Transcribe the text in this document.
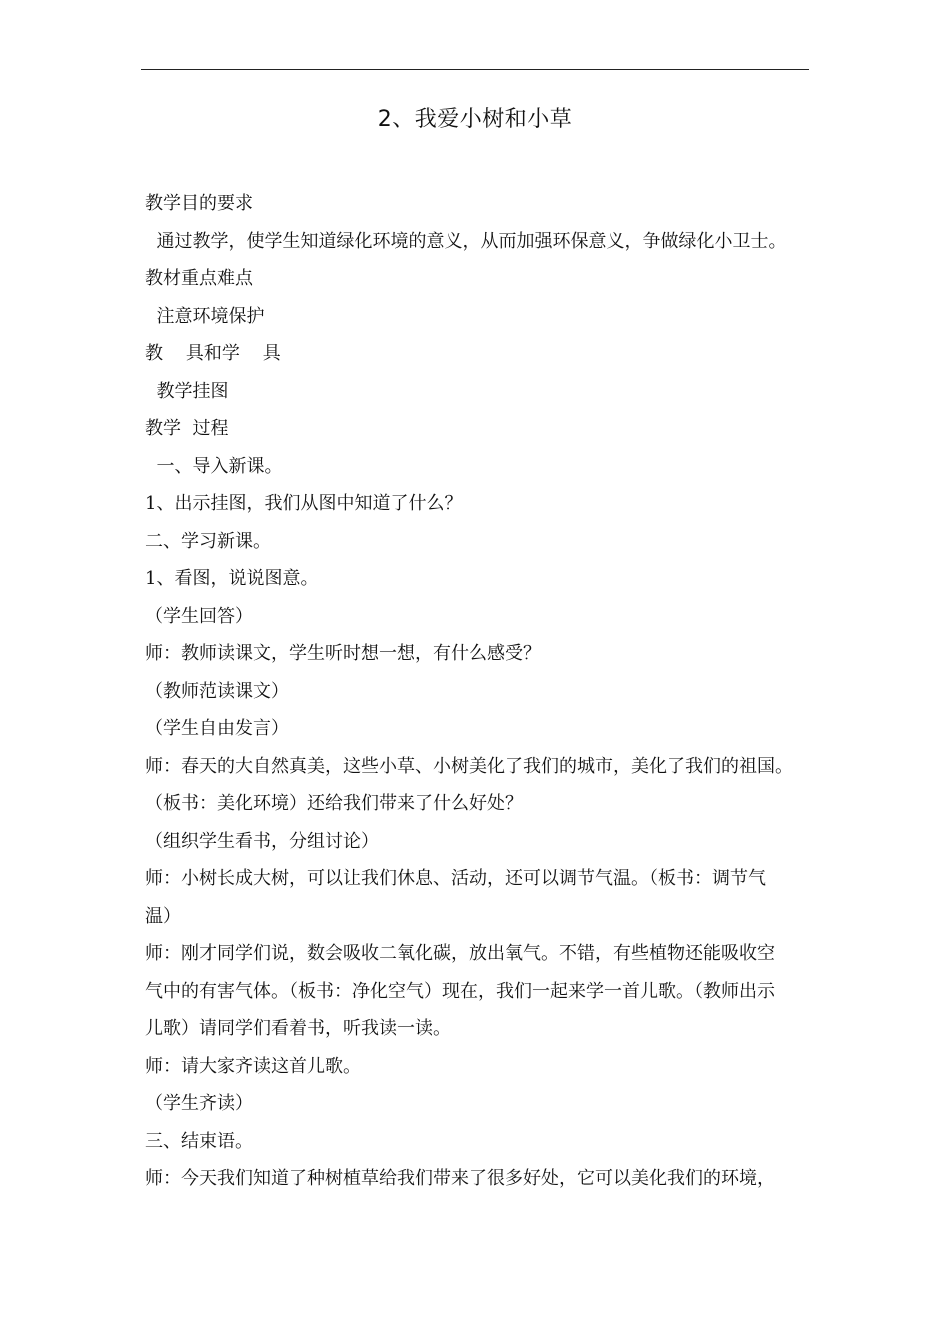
2、我爱小树和小草
教学目的要求
通过教学，使学生知道绿化环境的意义，从而加强环保意义，争做绿化小卫士。
教材重点难点
注意环境保护
教    具和学    具
教学挂图
教学  过程
一、导入新课。
1、出示挂图，我们从图中知道了什么？
二、学习新课。
1、看图，说说图意。
（学生回答）
师：教师读课文，学生听时想一想，有什么感受？
（教师范读课文）
（学生自由发言）
师：春天的大自然真美，这些小草、小树美化了我们的城市，美化了我们的祖国。
（板书：美化环境）还给我们带来了什么好处？
（组织学生看书，分组讨论）
师：小树长成大树，可以让我们休息、活动，还可以调节气温。（板书：调节气
温）
师：刚才同学们说，数会吸收二氧化碳，放出氧气。不错，有些植物还能吸收空
气中的有害气体。（板书：净化空气）现在，我们一起来学一首儿歌。（教师出示
儿歌）请同学们看着书，听我读一读。
师：请大家齐读这首儿歌。
（学生齐读）
三、结束语。
师：今天我们知道了种树植草给我们带来了很多好处，它可以美化我们的环境，
